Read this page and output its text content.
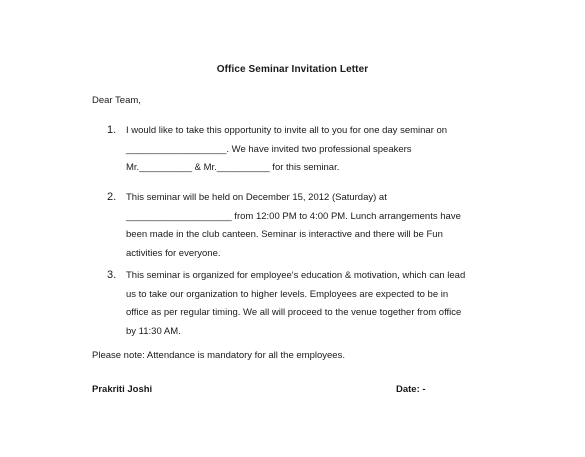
Office Seminar Invitation Letter
Dear Team,
1. I would like to take this opportunity to invite all to you for one day seminar on
___________________. We have invited two professional speakers
Mr.__________ & Mr.__________ for this seminar.
2. This seminar will be held on December 15, 2012 (Saturday) at
____________________ from 12:00 PM to 4:00 PM. Lunch arrangements have
been made in the club canteen. Seminar is interactive and there will be Fun
activities for everyone.
3. This seminar is organized for employee's education & motivation, which can lead
us to take our organization to higher levels. Employees are expected to be in
office as per regular timing. We all will proceed to the venue together from office
by 11:30 AM.
Please note: Attendance is mandatory for all the employees.
Prakriti Joshi	Date: -
